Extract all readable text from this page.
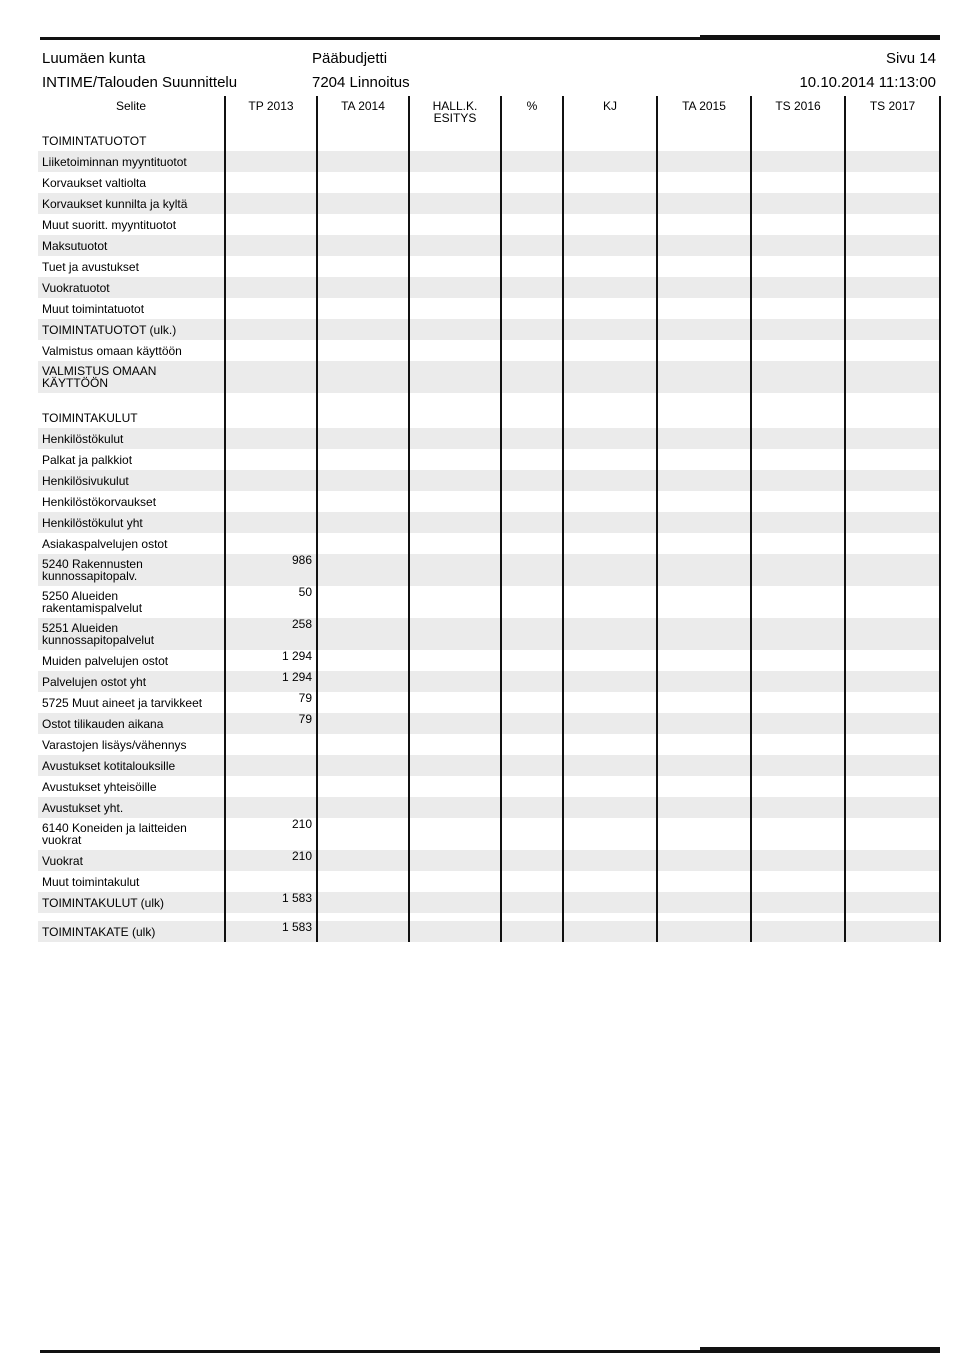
Luumäen kunta
INTIME/Talouden Suunnittelu
Pääbudjetti
7204 Linnoitus
Sivu 14
10.10.2014 11:13:00
Selite	TP 2013	TA 2014	HALL.K. ESITYS	%	KJ	TA 2015	TS 2016	TS 2017
TOIMINTATUOTOT								
Liiketoiminnan myyntituotot								
Korvaukset valtiolta								
Korvaukset kunnilta ja kyltä								
Muut suoritt. myyntituotot								
Maksutuotot								
Tuet ja avustukset								
Vuokratuotot								
Muut toimintatuotot								
TOIMINTATUOTOT (ulk.)								
Valmistus omaan käyttöön								
VALMISTUS OMAAN KÄYTTÖÖN								

TOIMINTAKULUT								
Henkilöstökulut								
Palkat ja palkkiot								
Henkilösivukulut								
Henkilöstökorvaukset								
Henkilöstökulut yht								
Asiakaspalvelujen ostot								
5240 Rakennusten kunnossapitopalv.	986							
5250 Alueiden rakentamispalvelut	50							
5251 Alueiden kunnossapitopalvelut	258							
Muiden palvelujen ostot	1 294							
Palvelujen ostot yht	1 294							
5725 Muut aineet ja tarvikkeet	79							
Ostot tilikauden aikana	79							
Varastojen lisäys/vähennys								
Avustukset kotitalouksille								
Avustukset yhteisöille								
Avustukset yht.								
6140 Koneiden ja laitteiden vuokrat	210							
Vuokrat	210							
Muut toimintakulut								
TOIMINTAKULUT (ulk)	1 583							

TOIMINTAKATE (ulk)	1 583							
